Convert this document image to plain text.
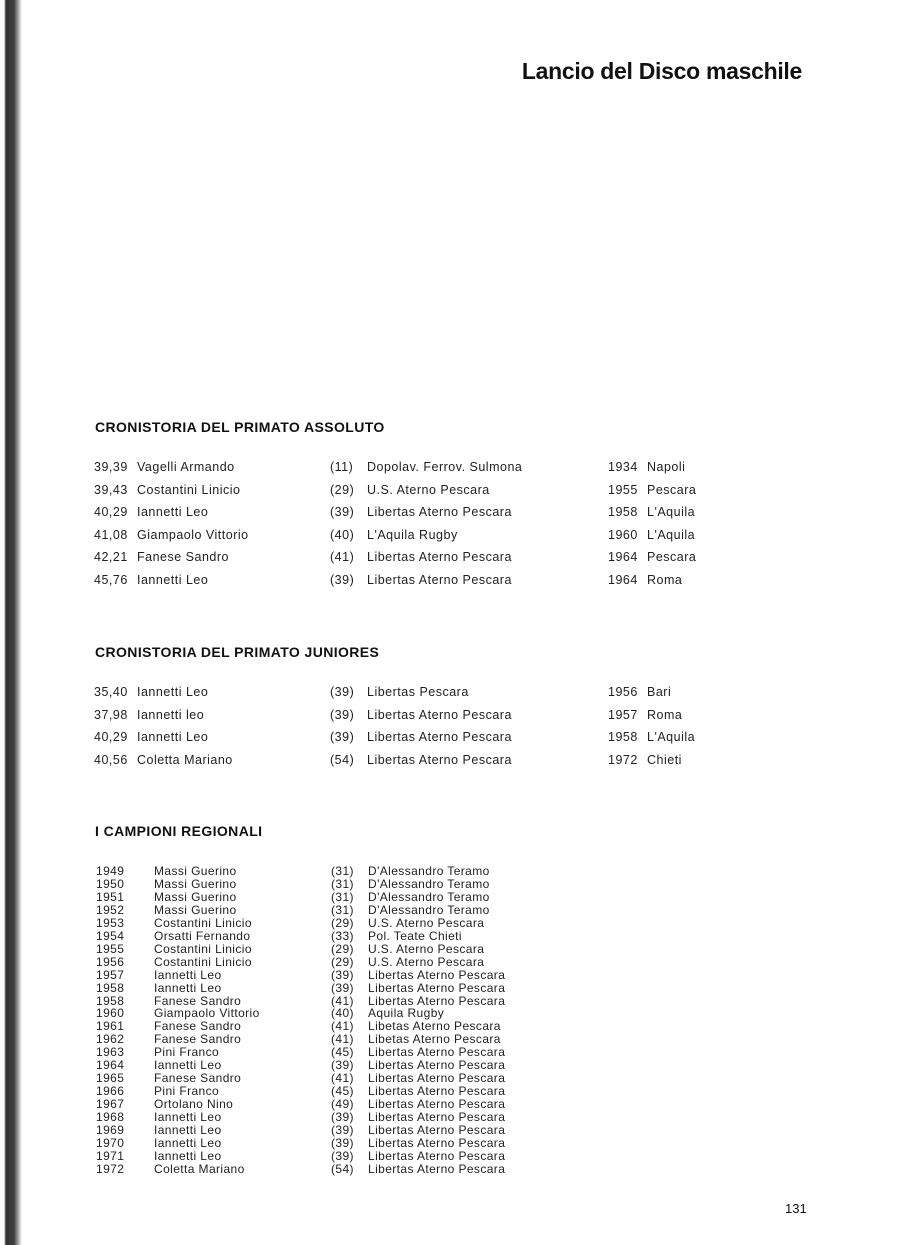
Lancio del Disco maschile
CRONISTORIA DEL PRIMATO ASSOLUTO
39,39 Vagelli Armando	(11) Dopolav. Ferrov. Sulmona	1934 Napoli
39,43 Costantini Linicio	(29) U.S. Aterno Pescara	1955 Pescara
40,29 Iannetti Leo	(39) Libertas Aterno Pescara	1958 L'Aquila
41,08 Giampaolo Vittorio	(40) L'Aquila Rugby	1960 L'Aquila
42,21 Fanese Sandro	(41) Libertas Aterno Pescara	1964 Pescara
45,76 Iannetti Leo	(39) Libertas Aterno Pescara	1964 Roma
CRONISTORIA DEL PRIMATO JUNIORES
35,40 Iannetti Leo	(39) Libertas Pescara	1956 Bari
37,98 Iannetti leo	(39) Libertas Aterno Pescara	1957 Roma
40,29 Iannetti Leo	(39) Libertas Aterno Pescara	1958 L'Aquila
40,56 Coletta Mariano	(54) Libertas Aterno Pescara	1972 Chieti
I CAMPIONI REGIONALI
1949 Massi Guerino	(31) D'Alessandro Teramo
1950 Massi Guerino	(31) D'Alessandro Teramo
1951 Massi Guerino	(31) D'Alessandro Teramo
1952 Massi Guerino	(31) D'Alessandro Teramo
1953 Costantini Linicio	(29) U.S. Aterno Pescara
1954 Orsatti Fernando	(33) Pol. Teate Chieti
1955 Costantini Linicio	(29) U.S. Aterno Pescara
1956 Costantini Linicio	(29) U.S. Aterno Pescara
1957 Iannetti Leo	(39) Libertas Aterno Pescara
1958 Iannetti Leo	(39) Libertas Aterno Pescara
1958 Fanese Sandro	(41) Libertas Aterno Pescara
1960 Giampaolo Vittorio	(40) Aquila Rugby
1961 Fanese Sandro	(41) Libetas Aterno Pescara
1962 Fanese Sandro	(41) Libetas Aterno Pescara
1963 Pini Franco	(45) Libertas Aterno Pescara
1964 Iannetti Leo	(39) Libertas Aterno Pescara
1965 Fanese Sandro	(41) Libertas Aterno Pescara
1966 Pini Franco	(45) Libertas Aterno Pescara
1967 Ortolano Nino	(49) Libertas Aterno Pescara
1968 Iannetti Leo	(39) Libertas Aterno Pescara
1969 Iannetti Leo	(39) Libertas Aterno Pescara
1970 Iannetti Leo	(39) Libertas Aterno Pescara
1971 Iannetti Leo	(39) Libertas Aterno Pescara
1972 Coletta Mariano	(54) Libertas Aterno Pescara
131
